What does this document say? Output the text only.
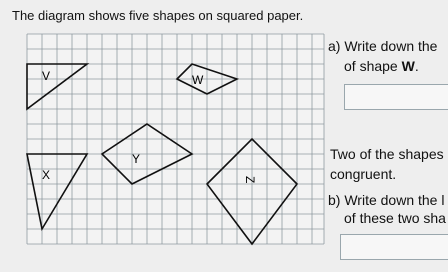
The diagram shows five shapes on squared paper.
V	W
X
Y
Z
a) Write down the
of shape W.
Two of the shapes
congruent.
b) Write down the l
of these two sha
